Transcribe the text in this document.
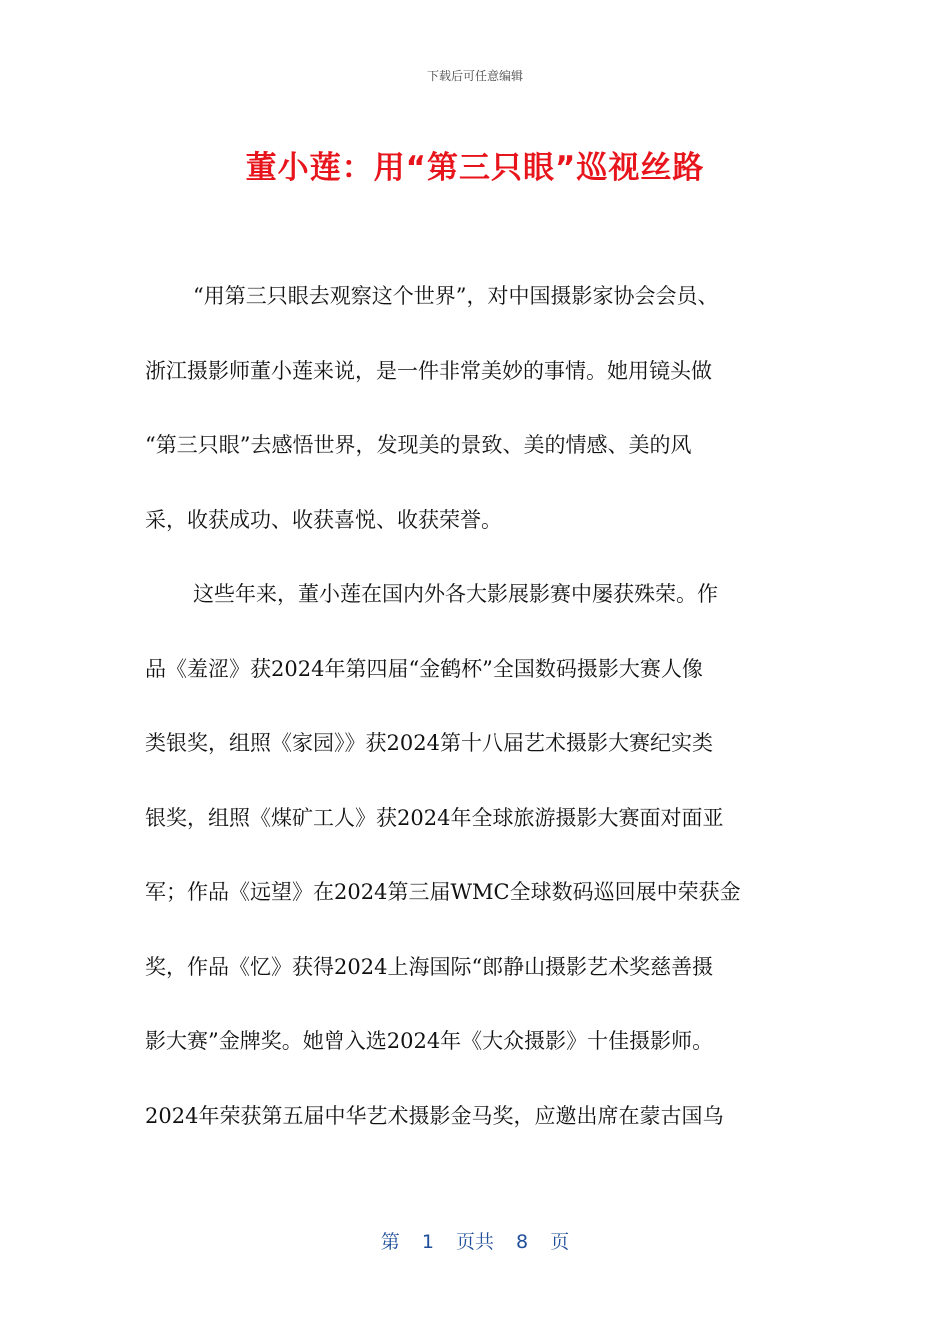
下载后可任意编辑
董小莲：用“第三只眼”巡视丝路
“用第三只眼去观察这个世界”，对中国摄影家协会会员、
浙江摄影师董小莲来说，是一件非常美妙的事情。她用镜头做
“第三只眼”去感悟世界，发现美的景致、美的情感、美的风
采，收获成功、收获喜悦、收获荣誉。
这些年来，董小莲在国内外各大影展影赛中屡获殊荣。作
品《羞涩》获2024年第四届“金鹤杯”全国数码摄影大赛人像
类银奖，组照《家园》》获2024第十八届艺术摄影大赛纪实类
银奖，组照《煤矿工人》获2024年全球旅游摄影大赛面对面亚
军；作品《远望》在2024第三届WMC全球数码巡回展中荣获金
奖，作品《忆》获得2024上海国际“郎静山摄影艺术奖慈善摄
影大赛”金牌奖。她曾入选2024年《大众摄影》十佳摄影师。
2024年荣获第五届中华艺术摄影金马奖，应邀出席在蒙古国乌
第 1 页共 8 页
